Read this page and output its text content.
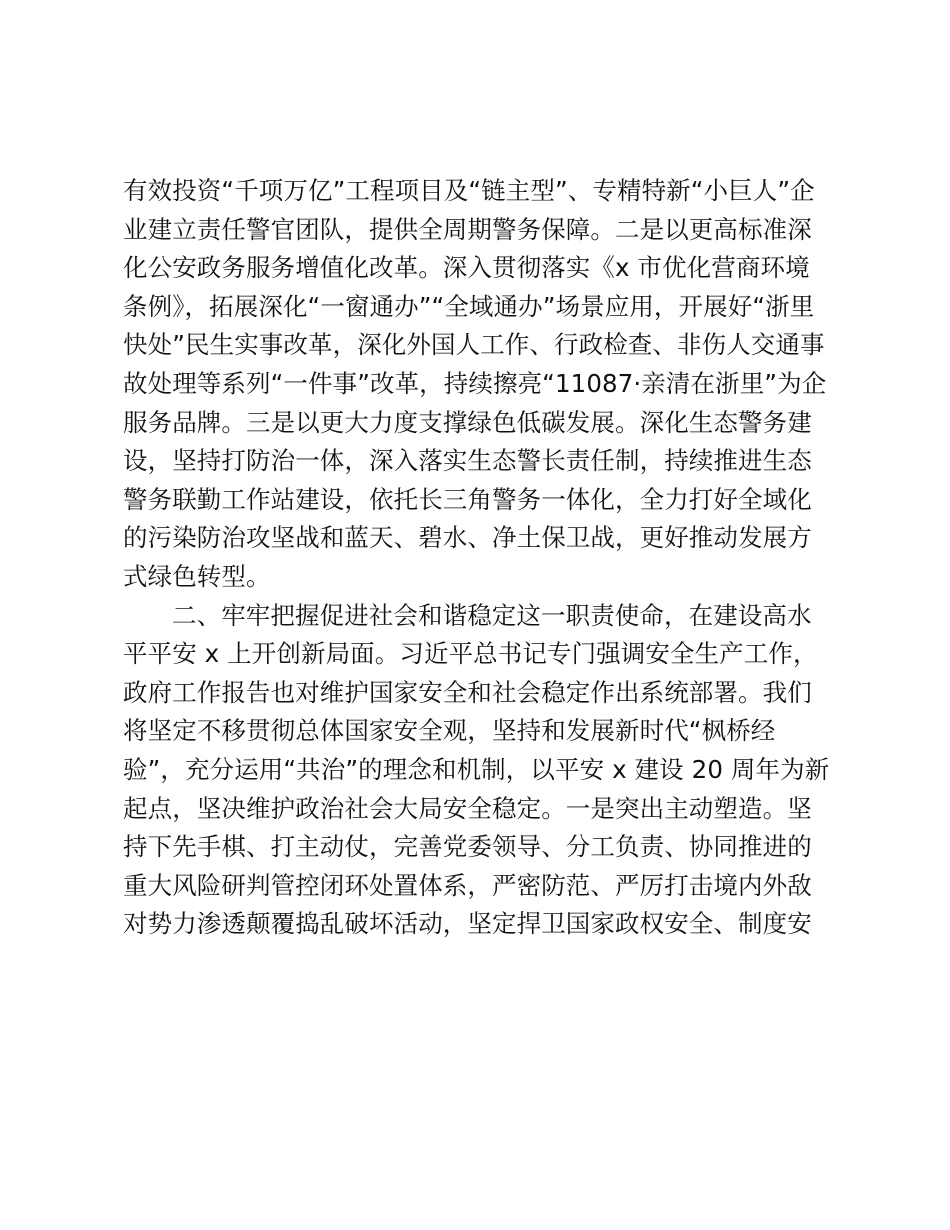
有效投资“千项万亿”工程项目及“链主型”、专精特新“小巨人”企
业建立责任警官团队，提供全周期警务保障。二是以更高标准深
化公安政务服务增值化改革。深入贯彻落实《x 市优化营商环境
条例》，拓展深化“一窗通办”“全域通办”场景应用，开展好“浙里
快处”民生实事改革，深化外国人工作、行政检查、非伤人交通事
故处理等系列“一件事”改革，持续擦亮“11087·亲清在浙里”为企
服务品牌。三是以更大力度支撑绿色低碳发展。深化生态警务建
设，坚持打防治一体，深入落实生态警长责任制，持续推进生态
警务联勤工作站建设，依托长三角警务一体化，全力打好全域化
的污染防治攻坚战和蓝天、碧水、净土保卫战，更好推动发展方
式绿色转型。
二、牢牢把握促进社会和谐稳定这一职责使命，在建设高水
平平安 x 上开创新局面。习近平总书记专门强调安全生产工作，
政府工作报告也对维护国家安全和社会稳定作出系统部署。我们
将坚定不移贯彻总体国家安全观，坚持和发展新时代“枫桥经
验”，充分运用“共治”的理念和机制，以平安 x 建设 20 周年为新
起点，坚决维护政治社会大局安全稳定。一是突出主动塑造。坚
持下先手棋、打主动仗，完善党委领导、分工负责、协同推进的
重大风险研判管控闭环处置体系，严密防范、严厉打击境内外敌
对势力渗透颠覆捣乱破坏活动，坚定捍卫国家政权安全、制度安
